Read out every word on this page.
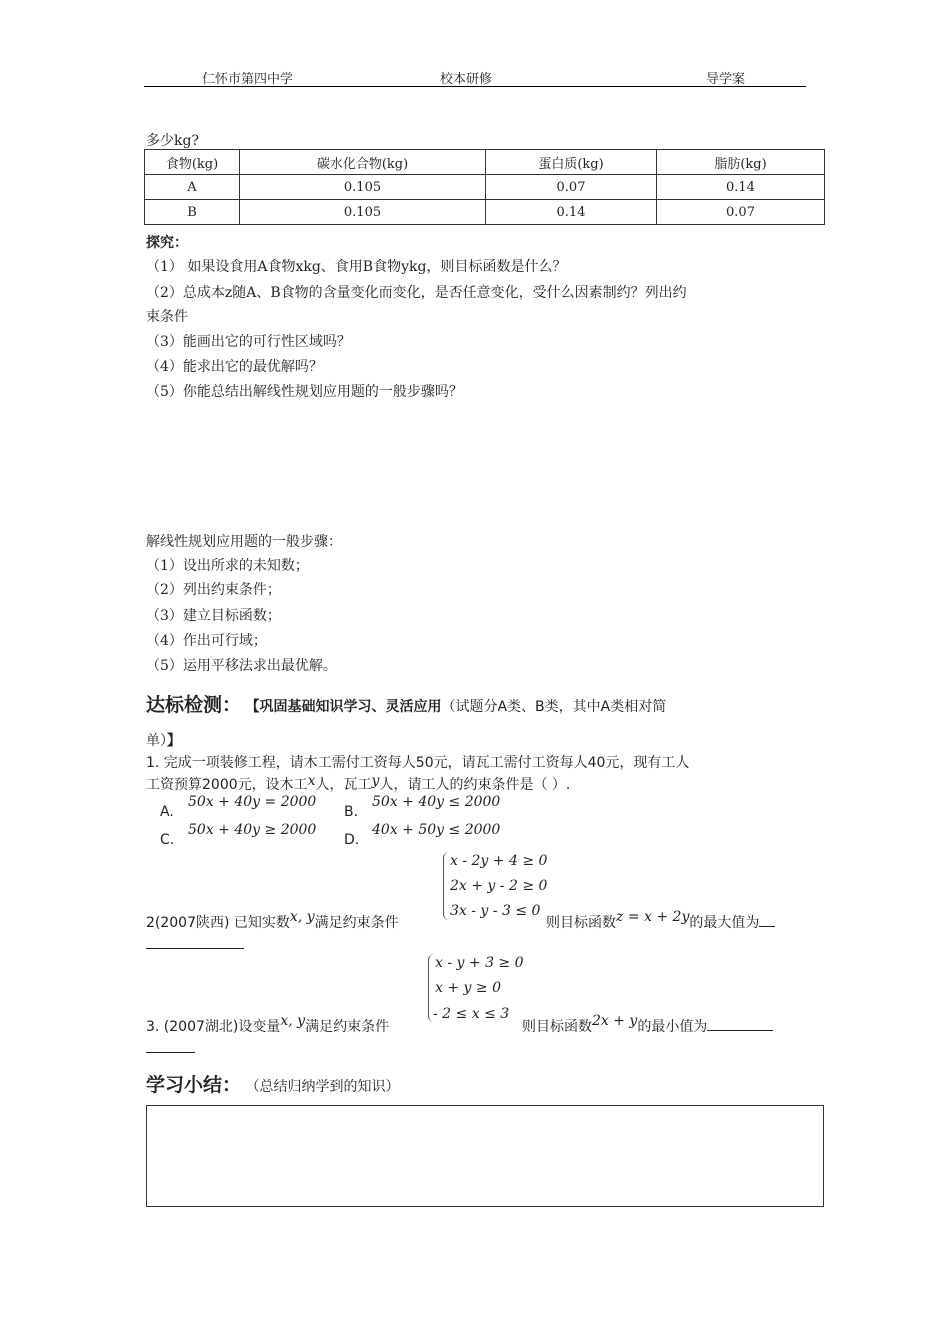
仁怀市第四中学	校本研修	导学案
多少kg?
食物(kg)	碳水化合物(kg)	蛋白质(kg)	脂肪(kg)
A	0.105	0.07	0.14
B	0.105	0.14	0.07
探究：
（1） 如果设食用A食物xkg、食用B食物ykg，则目标函数是什么？
（2）总成本z随A、B食物的含量变化而变化，是否任意变化，受什么因素制约？列出约
束条件
（3）能画出它的可行性区域吗？
（4）能求出它的最优解吗？
（5）你能总结出解线性规划应用题的一般步骤吗？
解线性规划应用题的一般步骤：
（1）设出所求的未知数；
（2）列出约束条件；
（3）建立目标函数；
（4）作出可行域；
（5）运用平移法求出最优解。
达标检测： 【巩固基础知识学习、灵活应用（试题分A类、B类，其中A类相对简
单）】
1. 完成一项装修工程，请木工需付工资每人50元，请瓦工需付工资每人40元，现有工人
工资预算2000元，设木工x人，瓦工y人，请工人的约束条件是（ ）.
A.
50x + 40y = 2000
B.
50x + 40y ≤ 2000
C.
50x + 40y ≥ 2000
D.
40x + 50y ≤ 2000
x - 2y + 4 ≥ 0
2x + y - 2 ≥ 0
3x - y - 3 ≤ 0
2(2007陕西) 已知实数x, y满足约束条件	则目标函数z = x + 2y的最大值为
x - y + 3 ≥ 0
x + y ≥ 0
- 2 ≤ x ≤ 3
3. (2007湖北)设变量x, y满足约束条件	则目标函数2x + y的最小值为
学习小结： （总结归纳学到的知识）
